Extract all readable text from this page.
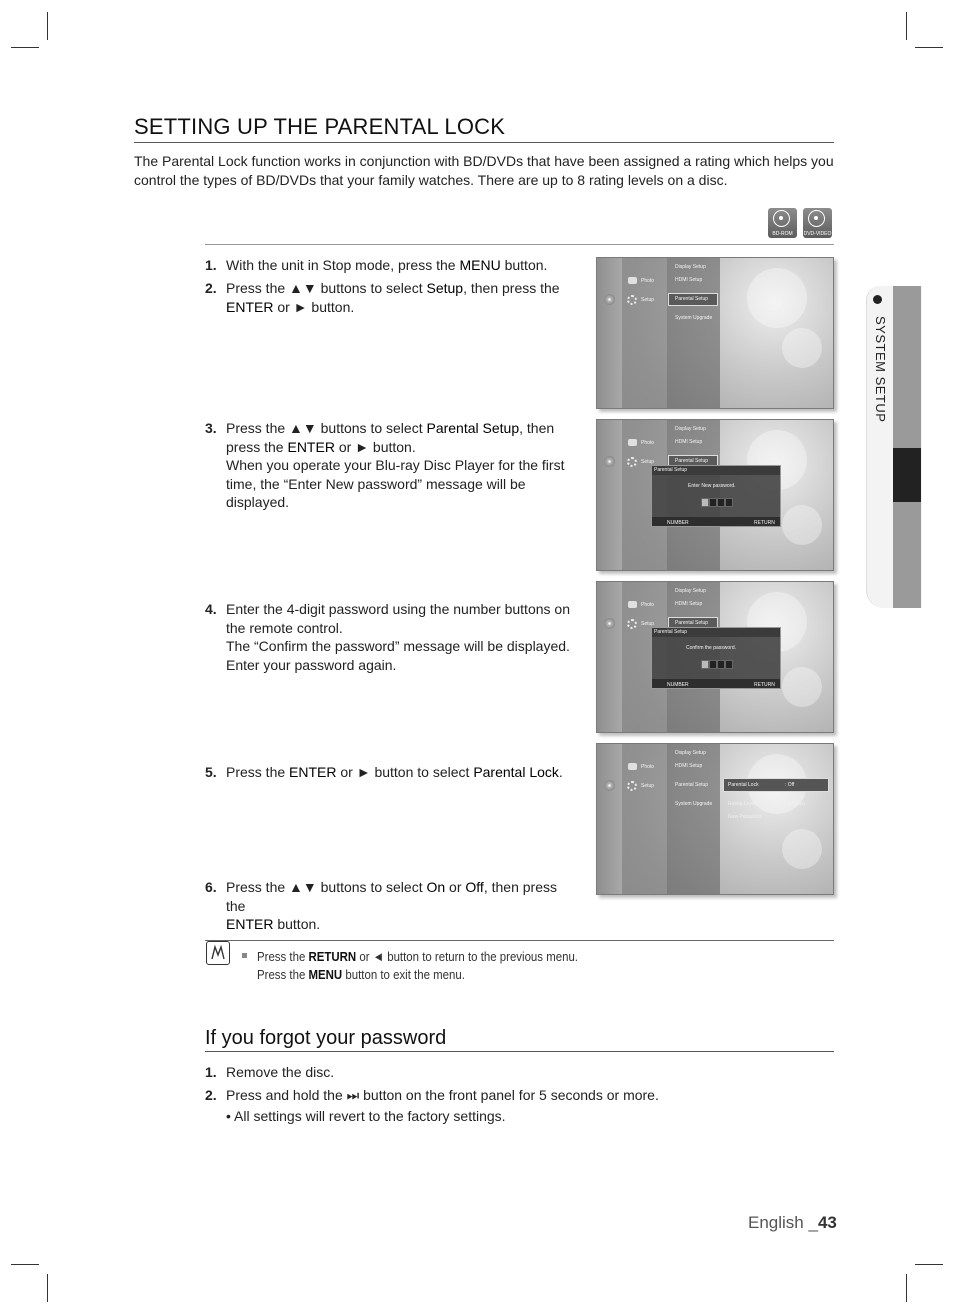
SETTING UP THE PARENTAL LOCK
The Parental Lock function works in conjunction with BD/DVDs that have been assigned a rating which helps you
control the types of BD/DVDs that your family watches. There are up to 8 rating levels on a disc.
BD-ROM	DVD-VIDEO
1. With the unit in Stop mode, press the MENU button.
2. Press the ▲▼ buttons to select Setup, then press the
ENTER or ► button.
3. Press the ▲▼ buttons to select Parental Setup, then
press the ENTER or ► button.
When you operate your Blu-ray Disc Player for the first
time, the “Enter New password” message will be
displayed.
4. Enter the 4-digit password using the number buttons on
the remote control.
The “Confirm the password” message will be displayed.
Enter your password again.
5. Press the ENTER or ► button to select Parental Lock.
6. Press the ▲▼ buttons to select On or Off, then press the
ENTER button.
Photo
Setup
Display Setup
HDMI Setup
Parental Setup
System Upgrade
Photo
Setup
Display Setup
HDMI Setup
Parental Setup
Parental Setup
Enter New password.
NUMBER	RETURN
Photo
Setup
Display Setup
HDMI Setup
Parental Setup
Parental Setup
Confirm the password.
NUMBER	RETURN
Photo
Setup
Display Setup
HDMI Setup
Parental Setup
System Upgrade
Parental Lock	: Off
Rating Level	: 1 (Kids)
New Password
SYSTEM SETUP
Press the RETURN or ◄ button to return to the previous menu.
Press the MENU button to exit the menu.
If you forgot your password
1. Remove the disc.
2. Press and hold the ⏭ button on the front panel for 5 seconds or more.
• All settings will revert to the factory settings.
English _43
